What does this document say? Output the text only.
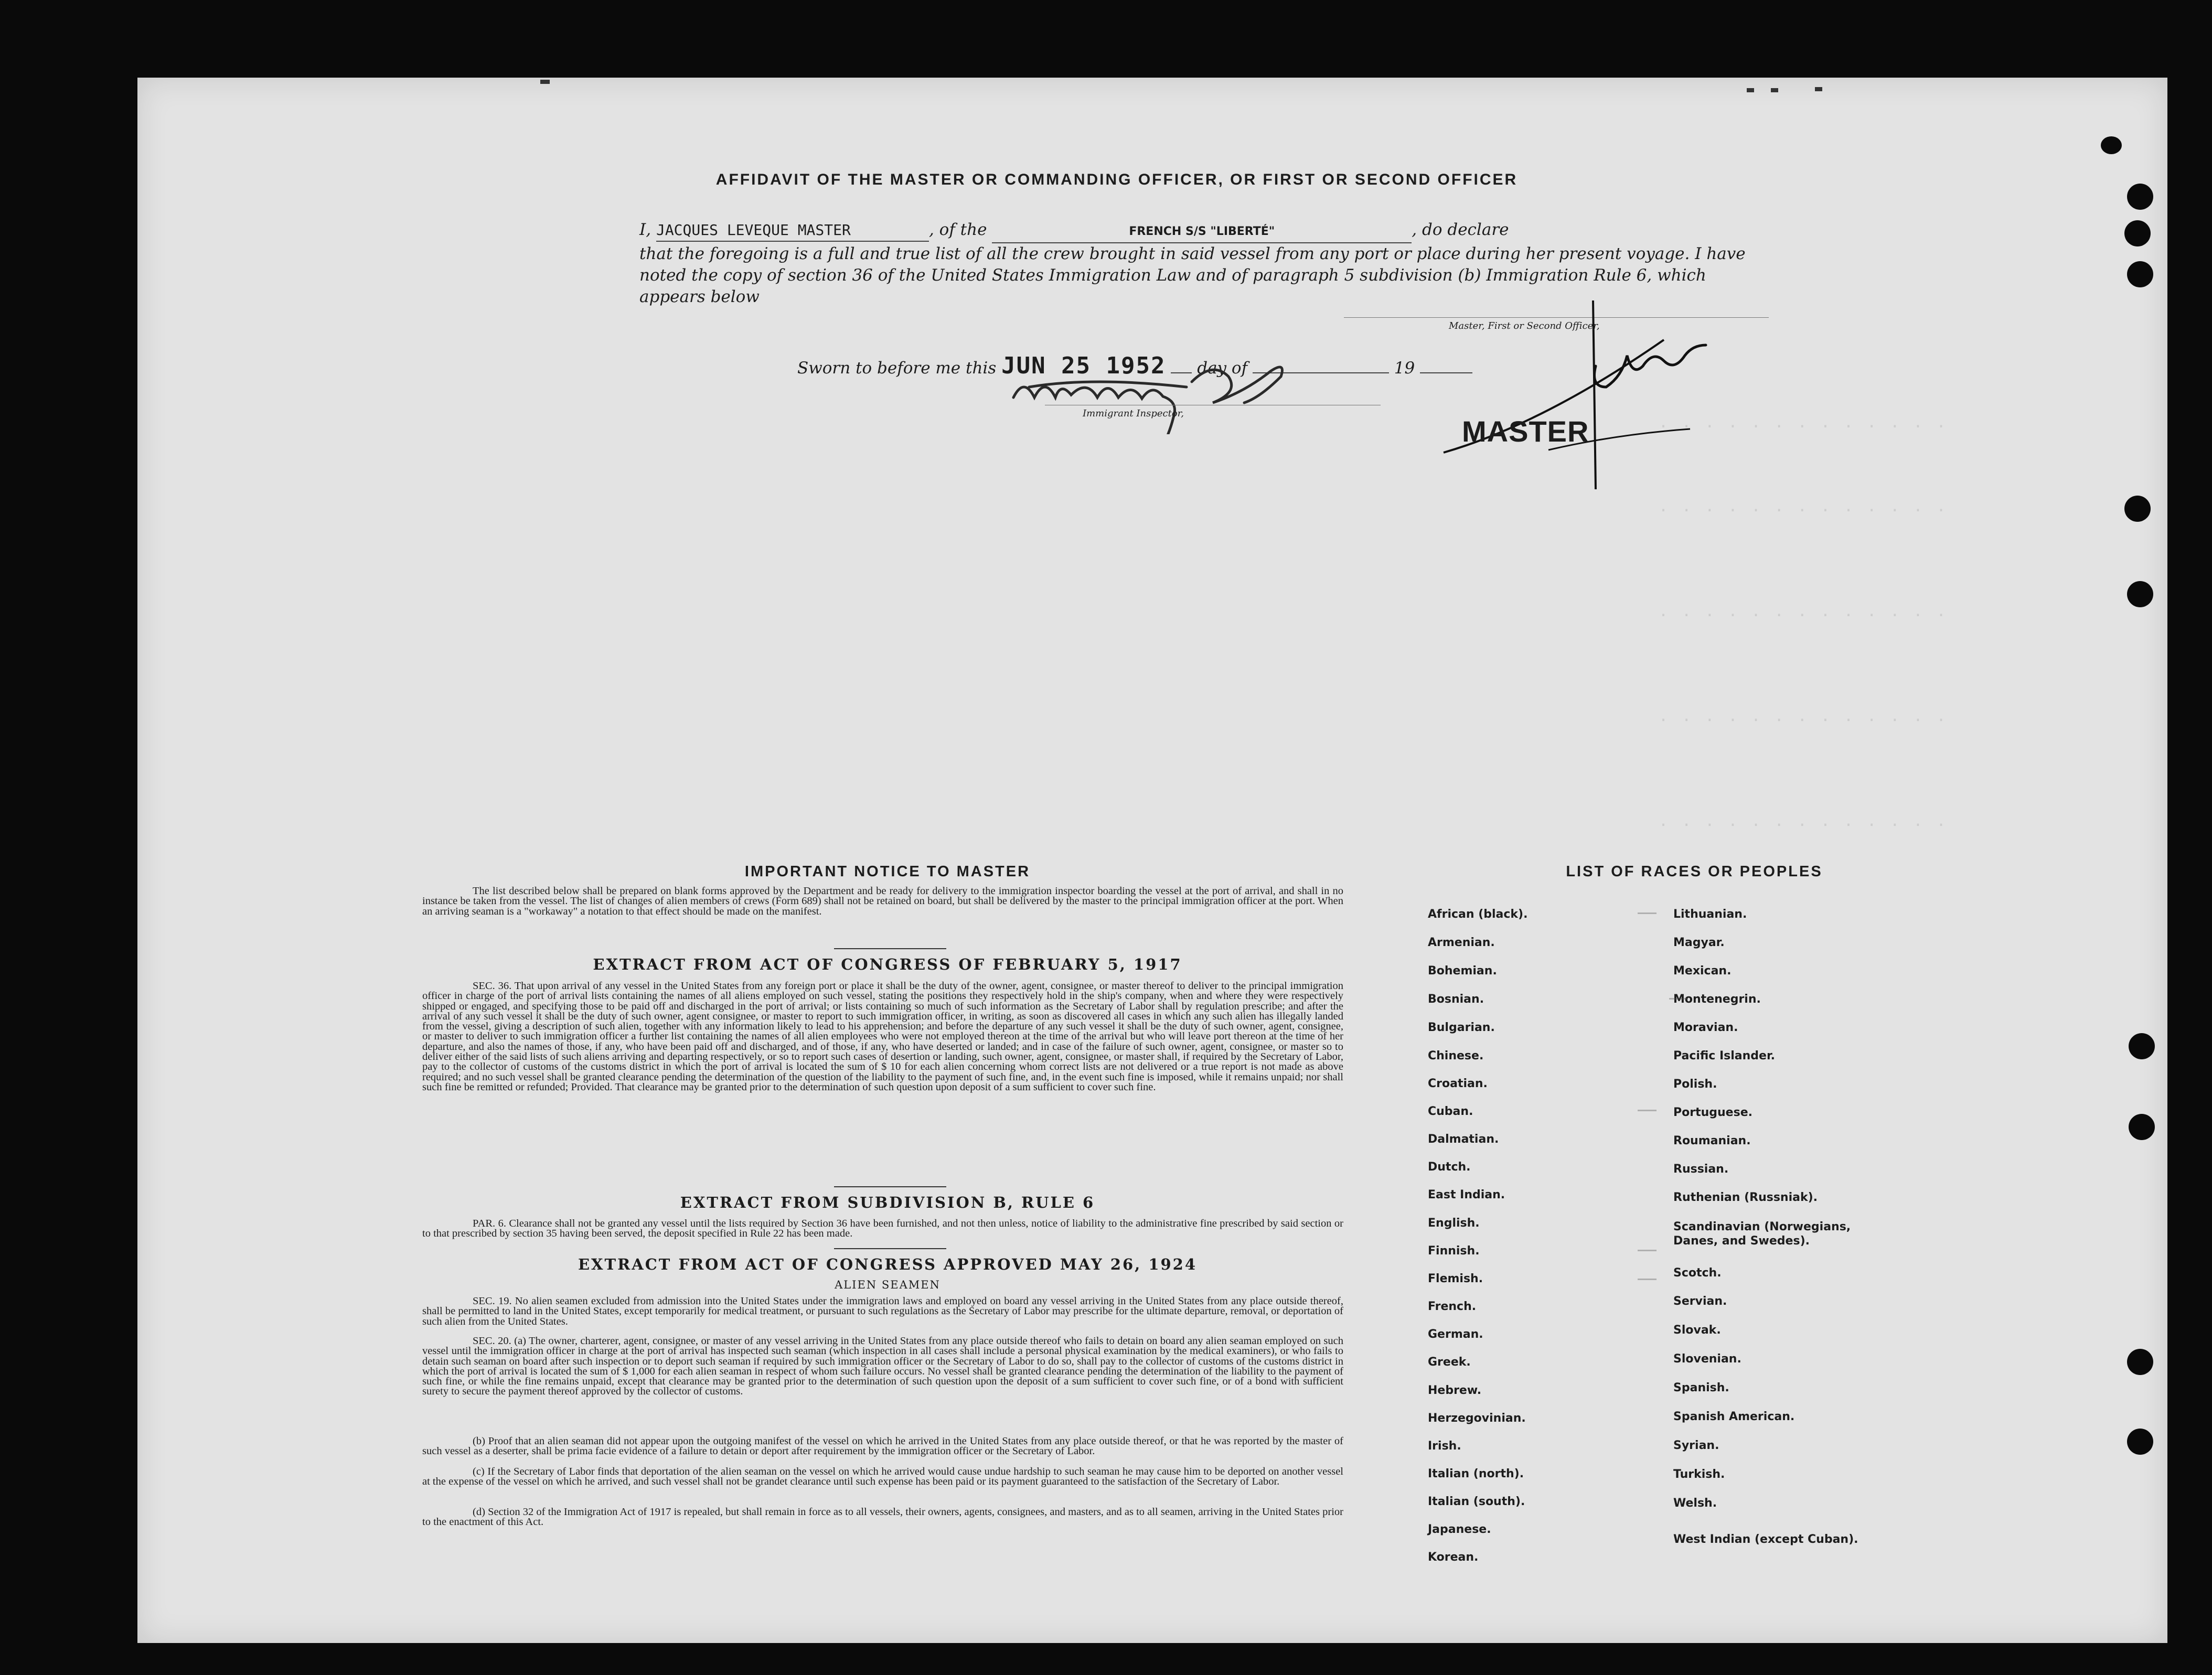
. . . . . . . . . . . . .
. . . . . . . . . . . . .
. . . . . . . . . . . . .
. . . . . . . . . . . . .
. . . . . . . . . . . . .
AFFIDAVIT OF THE MASTER OR COMMANDING OFFICER, OR FIRST OR SECOND OFFICER
I, JACQUES LEVEQUE MASTER	, of the	FRENCH S/S "LIBERTÉ"	, do declare
that the foregoing is a full and true list of all the crew brought in said vessel from any port or place during her present voyage. I have noted the copy of section 36 of the United States Immigration Law and of paragraph 5 subdivision (b) Immigration Rule 6, which appears below
Master, First or Second Officer,
Sworn to before me this JUN 25 1952 day of	19
Immigrant Inspector,
MASTER
IMPORTANT NOTICE TO MASTER
The list described below shall be prepared on blank forms approved by the Department and be ready for delivery to the immigration inspector boarding the vessel at the port of arrival, and shall in no instance be taken from the vessel. The list of changes of alien members of crews (Form 689) shall not be retained on board, but shall be delivered by the master to the principal immigration officer at the port. When an arriving seaman is a "workaway" a notation to that effect should be made on the manifest.
EXTRACT FROM ACT OF CONGRESS OF FEBRUARY 5, 1917
SEC. 36. That upon arrival of any vessel in the United States from any foreign port or place it shall be the duty of the owner, agent, consignee, or master thereof to deliver to the principal immigration officer in charge of the port of arrival lists containing the names of all aliens employed on such vessel, stating the positions they respectively hold in the ship's company, when and where they were respectively shipped or engaged, and specifying those to be paid off and discharged in the port of arrival; or lists containing so much of such information as the Secretary of Labor shall by regulation prescribe; and after the arrival of any such vessel it shall be the duty of such owner, agent consignee, or master to report to such immigration officer, in writing, as soon as discovered all cases in which any such alien has illegally landed from the vessel, giving a description of such alien, together with any information likely to lead to his apprehension; and before the departure of any such vessel it shall be the duty of such owner, agent, consignee, or master to deliver to such immigration officer a further list containing the names of all alien employees who were not employed thereon at the time of the arrival but who will leave port thereon at the time of her departure, and also the names of those, if any, who have been paid off and discharged, and of those, if any, who have deserted or landed; and in case of the failure of such owner, agent, consignee, or master so to deliver either of the said lists of such aliens arriving and departing respectively, or so to report such cases of desertion or landing, such owner, agent, consignee, or master shall, if required by the Secretary of Labor, pay to the collector of customs of the customs district in which the port of arrival is located the sum of $ 10 for each alien concerning whom correct lists are not delivered or a true report is not made as above required; and no such vessel shall be granted clearance pending the determination of the question of the liability to the payment of such fine, and, in the event such fine is imposed, while it remains unpaid; nor shall such fine be remitted or refunded; Provided. That clearance may be granted prior to the determination of such question upon deposit of a sum sufficient to cover such fine.
EXTRACT FROM SUBDIVISION B, RULE 6
PAR. 6. Clearance shall not be granted any vessel until the lists required by Section 36 have been furnished, and not then unless, notice of liability to the administrative fine prescribed by said section or to that prescribed by section 35 having been served, the deposit specified in Rule 22 has been made.
EXTRACT FROM ACT OF CONGRESS APPROVED MAY 26, 1924
ALIEN SEAMEN
SEC. 19. No alien seamen excluded from admission into the United States under the immigration laws and employed on board any vessel arriving in the United States from any place outside thereof, shall be permitted to land in the United States, except temporarily for medical treatment, or pursuant to such regulations as the Secretary of Labor may prescribe for the ultimate departure, removal, or deportation of such alien from the United States.
SEC. 20. (a) The owner, charterer, agent, consignee, or master of any vessel arriving in the United States from any place outside thereof who fails to detain on board any alien seaman employed on such vessel until the immigration officer in charge at the port of arrival has inspected such seaman (which inspection in all cases shall include a personal physical examination by the medical examiners), or who fails to detain such seaman on board after such inspection or to deport such seaman if required by such immigration officer or the Secretary of Labor to do so, shall pay to the collector of customs of the customs district in which the port of arrival is located the sum of $ 1,000 for each alien seaman in respect of whom such failure occurs. No vessel shall be granted clearance pending the determination of the liability to the payment of such fine, or while the fine remains unpaid, except that clearance may be granted prior to the determination of such question upon the deposit of a sum sufficient to cover such fine, or of a bond with sufficient surety to secure the payment thereof approved by the collector of customs.
(b) Proof that an alien seaman did not appear upon the outgoing manifest of the vessel on which he arrived in the United States from any place outside thereof, or that he was reported by the master of such vessel as a deserter, shall be prima facie evidence of a failure to detain or deport after requirement by the immigration officer or the Secretary of Labor.
(c) If the Secretary of Labor finds that deportation of the alien seaman on the vessel on which he arrived would cause undue hardship to such seaman he may cause him to be deported on another vessel at the expense of the vessel on which he arrived, and such vessel shall not be grandet clearance until such expense has been paid or its payment guaranteed to the satisfaction of the Secretary of Labor.
(d) Section 32 of the Immigration Act of 1917 is repealed, but shall remain in force as to all vessels, their owners, agents, consignees, and masters, and as to all seamen, arriving in the United States prior to the enactment of this Act.
LIST OF RACES OR PEOPLES
African (black).
Armenian.
Bohemian.
Bosnian.
Bulgarian.
Chinese.
Croatian.
Cuban.
Dalmatian.
Dutch.
East Indian.
English.
Finnish.
Flemish.
French.
German.
Greek.
Hebrew.
Herzegovinian.
Irish.
Italian (north).
Italian (south).
Japanese.
Korean.
Lithuanian.
Magyar.
Mexican.
Montenegrin.
Moravian.
Pacific Islander.
Polish.
Portuguese.
Roumanian.
Russian.
Ruthenian (Russniak).
Scandinavian (Norwegians, Danes, and Swedes).
Scotch.
Servian.
Slovak.
Slovenian.
Spanish.
Spanish American.
Syrian.
Turkish.
Welsh.
West Indian (except Cuban).
